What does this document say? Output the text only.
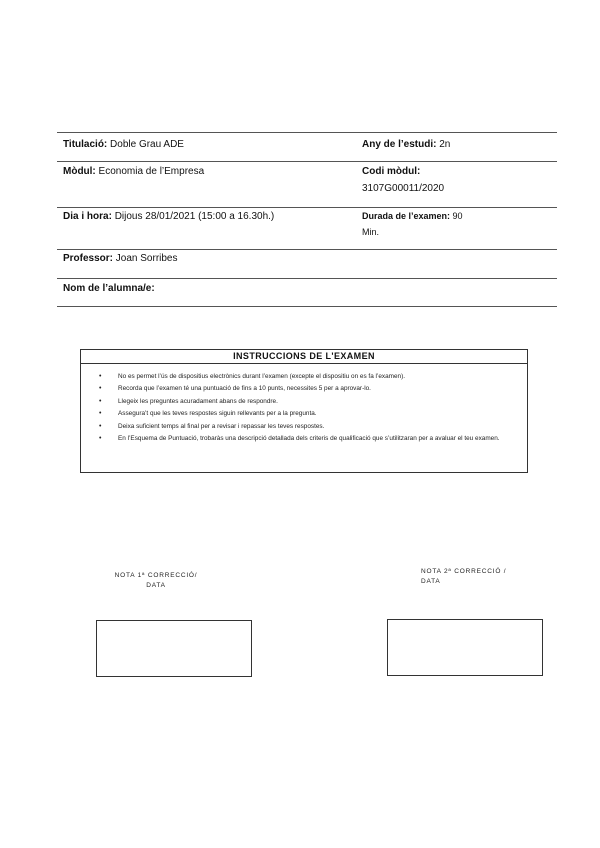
Titulació: Doble Grau ADE	Any de l’estudi: 2n
Mòdul: Economia de l’Empresa	Codi mòdul:
3107G00011/2020
Dia i hora: Dijous 28/01/2021 (15:00 a 16.30h.)	Durada de l’examen: 90
Min.
Professor: Joan Sorribes
Nom de l’alumna/e:
INSTRUCCIONS DE L'EXAMEN
•	No es permet l’ús de dispositius electrònics durant l’examen (excepte el dispositiu on es fa l’examen).
•	Recorda que l’examen té una puntuació de fins a 10 punts, necessites 5 per a aprovar-lo.
•	Llegeix les preguntes acuradament abans de respondre.
•	Assegura’t que les teves respostes siguin rellevants per a la pregunta.
•	Deixa suficient temps al final per a revisar i repassar les teves respostes.
•	En l’Esquema de Puntuació, trobaràs una descripció detallada dels criteris de qualificació que s’utilitzaran per a avaluar el teu examen.
NOTA 1ª CORRECCIÓ/
DATA
NOTA 2ª CORRECCIÓ /
DATA
